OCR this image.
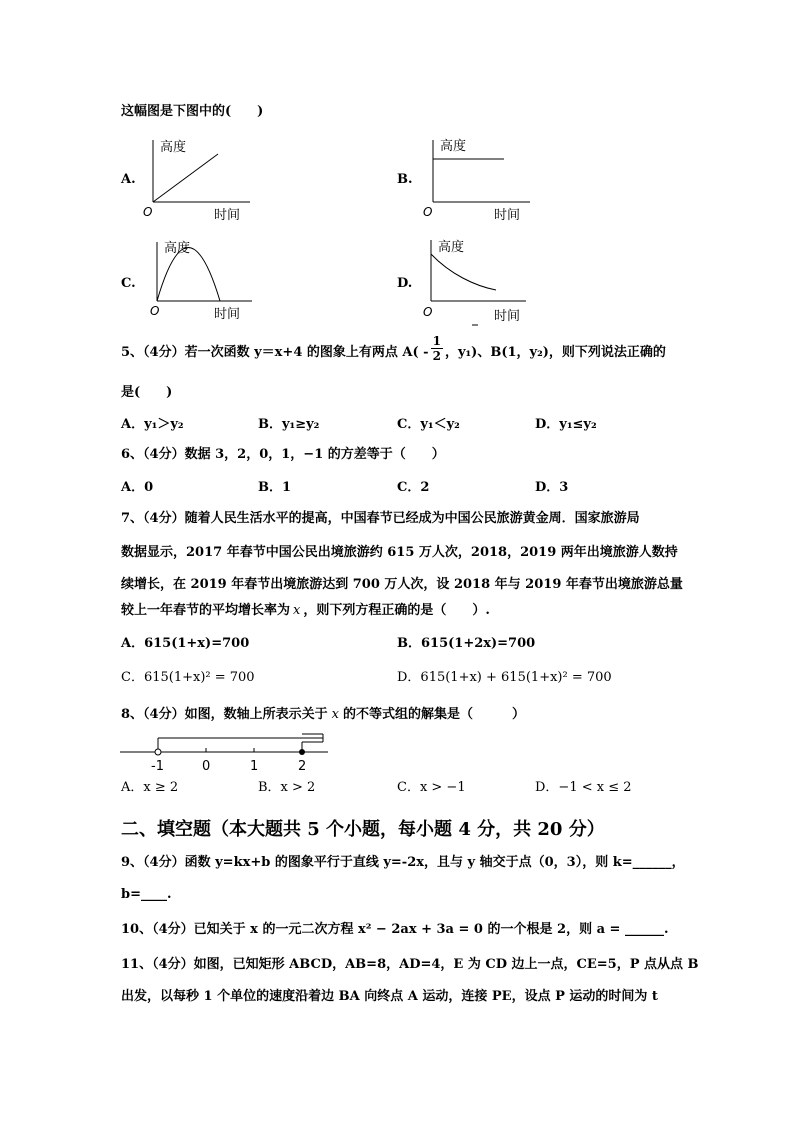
这幅图是下图中的(　　)
A.
高度
时间
O
B.
高度
时间
O
C.
高度
时间
O
D.
高度
时间
O
5、（4分）若一次函数 y＝x+4 的图象上有两点 $A( - \frac{1}{2}$ ，y₁)、B(1，y₂)，则下列说法正确的
是(　　)
A．y₁＞y₂	B．y₁≥y₂	C．y₁＜y₂	D．y₁≤y₂
6、（4分）数据 3，2，0，1，−1 的方差等于（　　）
A．0	B．1	C．2	D．3
7、（4分）随着人民生活水平的提高，中国春节已经成为中国公民旅游黄金周．国家旅游局
数据显示，2017 年春节中国公民出境旅游约 615 万人次，2018，2019 两年出境旅游人数持
续增长，在 2019 年春节出境旅游达到 700 万人次，设 2018 年与 2019 年春节出境旅游总量
较上一年春节的平均增长率为 x ，则下列方程正确的是（　　）.
A．615(1+x)=700	B．615(1+2x)=700
C．615(1+x)² = 700	D．615(1+x) + 615(1+x)² = 700
8、（4分）如图，数轴上所表示关于 x 的不等式组的解集是（　　　）
-1	0	1	2
A．x ≥ 2	B．x > 2	C．x > −1	D．−1 < x ≤ 2
二、填空题（本大题共 5 个小题，每小题 4 分，共 20 分）
9、（4分）函数 y=kx+b 的图象平行于直线 y=-2x，且与 y 轴交于点（0，3），则 k=______，
b=____.
10、（4分）已知关于 x 的一元二次方程 x² − 2ax + 3a = 0 的一个根是 2，则 a = ______.
11、（4分）如图，已知矩形 ABCD，AB=8，AD=4，E 为 CD 边上一点，CE=5，P 点从点 B
出发，以每秒 1 个单位的速度沿着边 BA 向终点 A 运动，连接 PE，设点 P 运动的时间为 t
